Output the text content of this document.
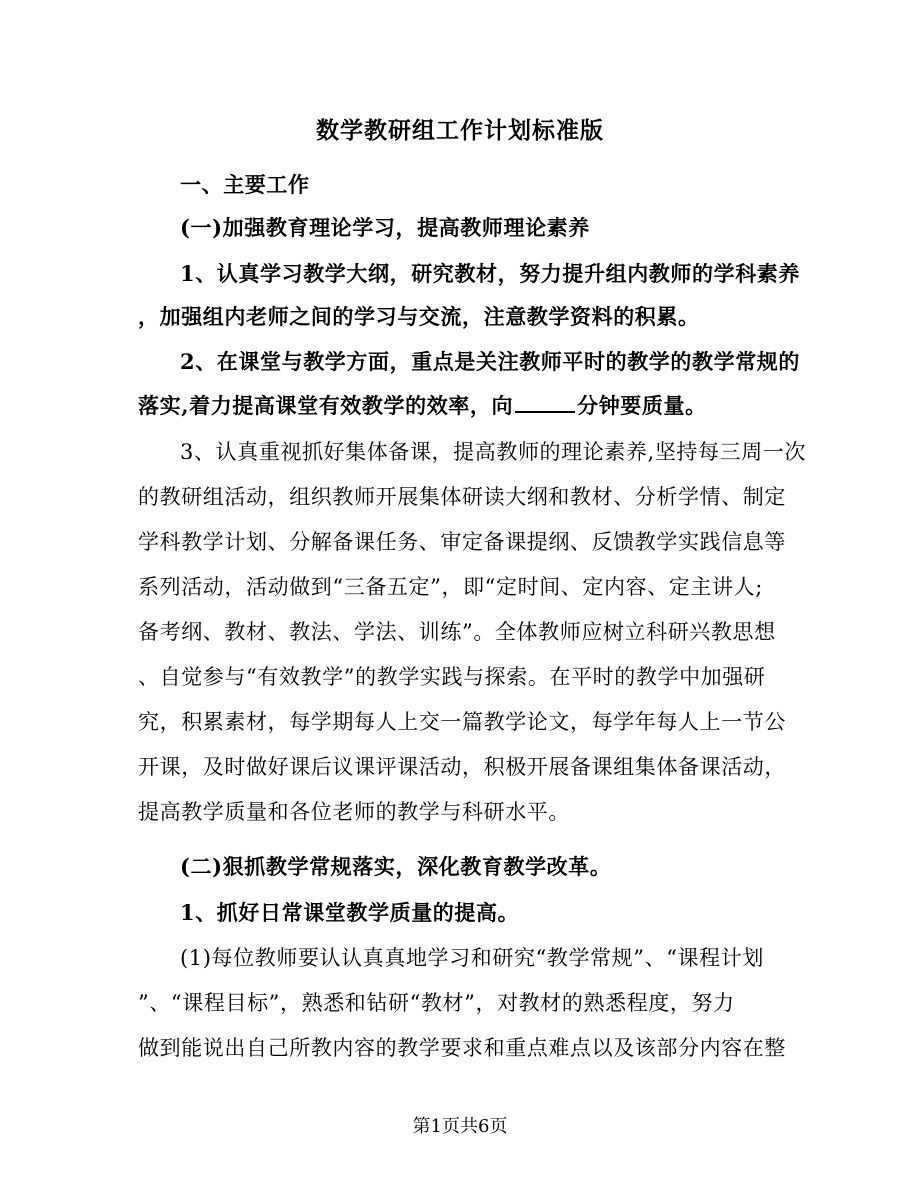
数学教研组工作计划标准版
一、主要工作
(一)加强教育理论学习，提高教师理论素养
1、认真学习教学大纲，研究教材，努力提升组内教师的学科素养
，加强组内老师之间的学习与交流，注意教学资料的积累。
2、在课堂与教学方面，重点是关注教师平时的教学的教学常规的
落实,着力提高课堂有效教学的效率，向	分钟要质量。
3、认真重视抓好集体备课，提高教师的理论素养,坚持每三周一次
的教研组活动，组织教师开展集体研读大纲和教材、分析学情、制定
学科教学计划、分解备课任务、审定备课提纲、反馈教学实践信息等
系列活动，活动做到“三备五定”，即“定时间、定内容、定主讲人;
备考纲、教材、教法、学法、训练”。全体教师应树立科研兴教思想
、自觉参与“有效教学”的教学实践与探索。在平时的教学中加强研
究，积累素材，每学期每人上交一篇教学论文，每学年每人上一节公
开课，及时做好课后议课评课活动，积极开展备课组集体备课活动，
提高教学质量和各位老师的教学与科研水平。
(二)狠抓教学常规落实，深化教育教学改革。
1、抓好日常课堂教学质量的提高。
(1)每位教师要认认真真地学习和研究“教学常规”、“课程计划
”、“课程目标”，熟悉和钻研“教材”，对教材的熟悉程度，努力
做到能说出自己所教内容的教学要求和重点难点以及该部分内容在整
第1页共6页
